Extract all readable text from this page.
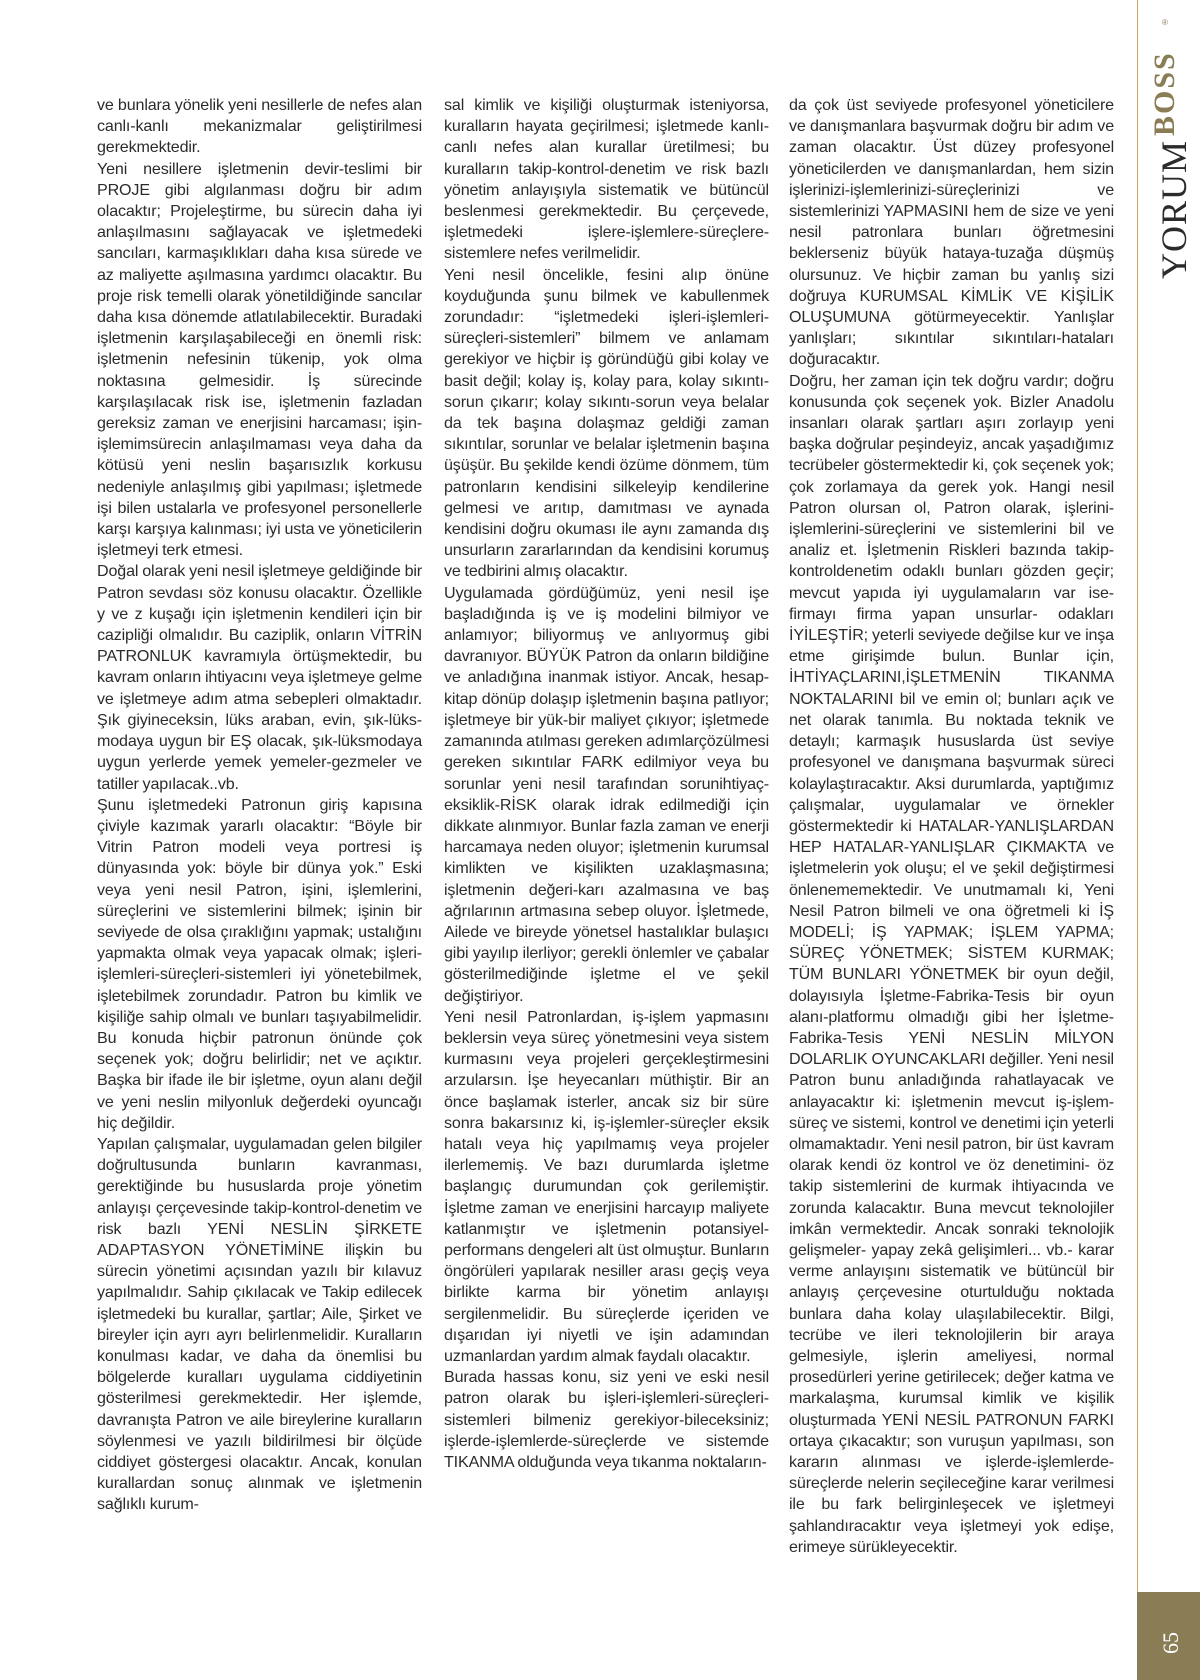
ve bunlara yönelik yeni nesillerle de nefes alan canlı-kanlı mekanizmalar geliştirilmesi gerekmektedir.

Yeni nesillere işletmenin devir-teslimi bir PROJE gibi algılanması doğru bir adım olacaktır; Projeleştirme, bu sürecin daha iyi anlaşılmasını sağlayacak ve işletmedeki sancıları, karmaşıklıkları daha kısa sürede ve az maliyette aşılmasına yardımcı olacaktır. Bu proje risk temelli olarak yönetildiğinde sancılar daha kısa dönemde atlatılabilecektir. Buradaki işletmenin karşılaşabileceği en önemli risk: işletmenin nefesinin tükenip, yok olma noktasına gelmesidir. İş sürecinde karşılaşılacak risk ise, işletmenin fazladan gereksiz zaman ve enerjisini harcaması; işin-işlemimsürecin anlaşılmaması veya daha da kötüsü yeni neslin başarısızlık korkusu nedeniyle anlaşılmış gibi yapılması; işletmede işi bilen ustalarla ve profesyonel personellerle karşı karşıya kalınması; iyi usta ve yöneticilerin işletmeyi terk etmesi.

Doğal olarak yeni nesil işletmeye geldiğinde bir Patron sevdası söz konusu olacaktır. Özellikle y ve z kuşağı için işletmenin kendileri için bir cazipliği olmalıdır. Bu caziplik, onların VİTRİN PATRONLUK kavramıyla örtüşmektedir, bu kavram onların ihtiyacını veya işletmeye gelme ve işletmeye adım atma sebepleri olmaktadır. Şık giyineceksin, lüks araban, evin, şık-lüks-modaya uygun bir EŞ olacak, şık-lüksmodaya uygun yerlerde yemek yemeler-gezmeler ve tatiller yapılacak..vb.

Şunu işletmedeki Patronun giriş kapısına çiviyle kazımak yararlı olacaktır: “Böyle bir Vitrin Patron modeli veya portresi iş dünyasında yok: böyle bir dünya yok.” Eski veya yeni nesil Patron, işini, işlemlerini, süreçlerini ve sistemlerini bilmek; işinin bir seviyede de olsa çıraklığını yapmak; ustalığını yapmakta olmak veya yapacak olmak; işleri-işlemleri-süreçleri-sistemleri iyi yönetebilmek, işletebilmek zorundadır. Patron bu kimlik ve kişiliğe sahip olmalı ve bunları taşıyabilmelidir. Bu konuda hiçbir patronun önünde çok seçenek yok; doğru belirlidir; net ve açıktır. Başka bir ifade ile bir işletme, oyun alanı değil ve yeni neslin milyonluk değerdeki oyuncağı hiç değildir.

Yapılan çalışmalar, uygulamadan gelen bilgiler doğrultusunda bunların kavranması, gerektiğinde bu hususlarda proje yönetim anlayışı çerçevesinde takip-kontrol-denetim ve risk bazlı YENİ NESLİN ŞİRKETE ADAPTASYON YÖNETİMİNE ilişkin bu sürecin yönetimi açısından yazılı bir kılavuz yapılmalıdır. Sahip çıkılacak ve Takip edilecek işletmedeki bu kurallar, şartlar; Aile, Şirket ve bireyler için ayrı ayrı belirlenmelidir. Kuralların konulması kadar, ve daha da önemlisi bu bölgelerde kuralları uygulama ciddiyetinin gösterilmesi gerekmektedir. Her işlemde, davranışta Patron ve aile bireylerine kuralların söylenmesi ve yazılı bildirilmesi bir ölçüde ciddiyet göstergesi olacaktır. Ancak, konulan kurallardan sonuç alınmak ve işletmenin sağlıklı kurum-

sal kimlik ve kişiliği oluşturmak isteniyorsa, kuralların hayata geçirilmesi; işletmede kanlı-canlı nefes alan kurallar üretilmesi; bu kuralların takip-kontrol-denetim ve risk bazlı yönetim anlayışıyla sistematik ve bütüncül beslenmesi gerekmektedir. Bu çerçevede, işletmedeki işlere-işlemlere-süreçlere-sistemlere nefes verilmelidir.

Yeni nesil öncelikle, fesini alıp önüne koyduğunda şunu bilmek ve kabullenmek zorundadır: “işletmedeki işleri-işlemleri-süreçleri-sistemleri” bilmem ve anlamam gerekiyor ve hiçbir iş göründüğü gibi kolay ve basit değil; kolay iş, kolay para, kolay sıkıntı-sorun çıkarır; kolay sıkıntı-sorun veya belalar da tek başına dolaşmaz geldiği zaman sıkıntılar, sorunlar ve belalar işletmenin başına üşüşür. Bu şekilde kendi özüme dönmem, tüm patronların kendisini silkeleyip kendilerine gelmesi ve arıtıp, damıtması ve aynada kendisini doğru okuması ile aynı zamanda dış unsurların zararlarından da kendisini korumuş ve tedbirini almış olacaktır.

Uygulamada gördüğümüz, yeni nesil işe başladığında iş ve iş modelini bilmiyor ve anlamıyor; biliyormuş ve anlıyormuş gibi davranıyor. BÜYÜK Patron da onların bildiğine ve anladığına inanmak istiyor. Ancak, hesap-kitap dönüp dolaşıp işletmenin başına patlıyor; işletmeye bir yük-bir maliyet çıkıyor; işletmede zamanında atılması gereken adımlarçözülmesi gereken sıkıntılar FARK edilmiyor veya bu sorunlar yeni nesil tarafından sorunihtiyaç-eksiklik-RİSK olarak idrak edilmediği için dikkate alınmıyor. Bunlar fazla zaman ve enerji harcamaya neden oluyor; işletmenin kurumsal kimlikten ve kişilikten uzaklaşmasına; işletmenin değeri-karı azalmasına ve baş ağrılarının artmasına sebep oluyor. İşletmede, Ailede ve bireyde yönetsel hastalıklar bulaşıcı gibi yayılıp ilerliyor; gerekli önlemler ve çabalar gösterilmediğinde işletme el ve şekil değiştiriyor.

Yeni nesil Patronlardan, iş-işlem yapmasını beklersin veya süreç yönetmesini veya sistem kurmasını veya projeleri gerçekleştirmesini arzularsın. İşe heyecanları müthiştir. Bir an önce başlamak isterler, ancak siz bir süre sonra bakarsınız ki, iş-işlemler-süreçler eksik hatalı veya hiç yapılmamış veya projeler ilerlememiş. Ve bazı durumlarda işletme başlangıç durumundan çok gerilemiştir. İşletme zaman ve enerjisini harcayıp maliyete katlanmıştır ve işletmenin potansiyel-performans dengeleri alt üst olmuştur. Bunların öngörüleri yapılarak nesiller arası geçiş veya birlikte karma bir yönetim anlayışı sergilenmelidir. Bu süreçlerde içeriden ve dışarıdan iyi niyetli ve işin adamından uzmanlardan yardım almak faydalı olacaktır.

Burada hassas konu, siz yeni ve eski nesil patron olarak bu işleri-işlemleri-süreçleri-sistemleri bilmeniz gerekiyor-bileceksiniz; işlerde-işlemlerde-süreçlerde ve sistemde TIKANMA olduğunda veya tıkanma noktaların-

da çok üst seviyede profesyonel yöneticilere ve danışmanlara başvurmak doğru bir adım ve zaman olacaktır. Üst düzey profesyonel yöneticilerden ve danışmanlardan, hem sizin işlerinizi-işlemlerinizi-süreçlerinizi ve sistemlerinizi YAPMASINI hem de size ve yeni nesil patronlara bunları öğretmesini beklerseniz büyük hataya-tuzağa düşmüş olursunuz. Ve hiçbir zaman bu yanlış sizi doğruya KURUMSAL KİMLİK VE KİŞİLİK OLUŞUMUNA götürmeyecektir. Yanlışlar yanlışları; sıkıntılar sıkıntıları-hataları doğuracaktır.

Doğru, her zaman için tek doğru vardır; doğru konusunda çok seçenek yok. Bizler Anadolu insanları olarak şartları aşırı zorlayıp yeni başka doğrular peşindeyiz, ancak yaşadığımız tecrübeler göstermektedir ki, çok seçenek yok; çok zorlamaya da gerek yok. Hangi nesil Patron olursan ol, Patron olarak, işlerini-işlemlerini-süreçlerini ve sistemlerini bil ve analiz et. İşletmenin Riskleri bazında takip-kontroldenetim odaklı bunları gözden geçir; mevcut yapıda iyi uygulamaların var ise-firmayı firma yapan unsurlar- odakları İYİLEŞTİR; yeterli seviyede değilse kur ve inşa etme girişimde bulun. Bunlar için, İHTİYAÇLARINI,İŞLETMENİN TIKANMA NOKTALARINI bil ve emin ol; bunları açık ve net olarak tanımla. Bu noktada teknik ve detaylı; karmaşık hususlarda üst seviye profesyonel ve danışmana başvurmak süreci kolaylaştıracaktır. Aksi durumlarda, yaptığımız çalışmalar, uygulamalar ve örnekler göstermektedir ki HATALAR-YANLIŞLARDAN HEP HATALAR-YANLIŞLAR ÇIKMAKTA ve işletmelerin yok oluşu; el ve şekil değiştirmesi önlenememektedir. Ve unutmamalı ki, Yeni Nesil Patron bilmeli ve ona öğretmeli ki İŞ MODELİ; İŞ YAPMAK; İŞLEM YAPMA; SÜREÇ YÖNETMEK; SİSTEM KURMAK; TÜM BUNLARI YÖNETMEK bir oyun değil, dolayısıyla İşletme-Fabrika-Tesis bir oyun alanı-platformu olmadığı gibi her İşletme-Fabrika-Tesis YENİ NESLİN MİLYON DOLARLIK OYUNCAKLARI değiller. Yeni nesil Patron bunu anladığında rahatlayacak ve anlayacaktır ki: işletmenin mevcut iş-işlem-süreç ve sistemi, kontrol ve denetimi için yeterli olmamaktadır. Yeni nesil patron, bir üst kavram olarak kendi öz kontrol ve öz denetimini- öz takip sistemlerini de kurmak ihtiyacında ve zorunda kalacaktır. Buna mevcut teknolojiler imkân vermektedir. Ancak sonraki teknolojik gelişmeler- yapay zekâ gelişimleri... vb.- karar verme anlayışını sistematik ve bütüncül bir anlayış çerçevesine oturtulduğu noktada bunlara daha kolay ulaşılabilecektir. Bilgi, tecrübe ve ileri teknolojilerin bir araya gelmesiyle, işlerin ameliyesi, normal prosedürleri yerine getirilecek; değer katma ve markalaşma, kurumsal kimlik ve kişilik oluşturmada YENİ NESİL PATRONUN FARKI ortaya çıkacaktır; son vuruşun yapılması, son kararın alınması ve işlerde-işlemlerde-süreçlerde nelerin seçileceğine karar verilmesi ile bu fark belirginleşecek ve işletmeyi şahlandıracaktır veya işletmeyi yok edişe, erimeye sürükleyecektir.

YORUM
BOSS
®
65
